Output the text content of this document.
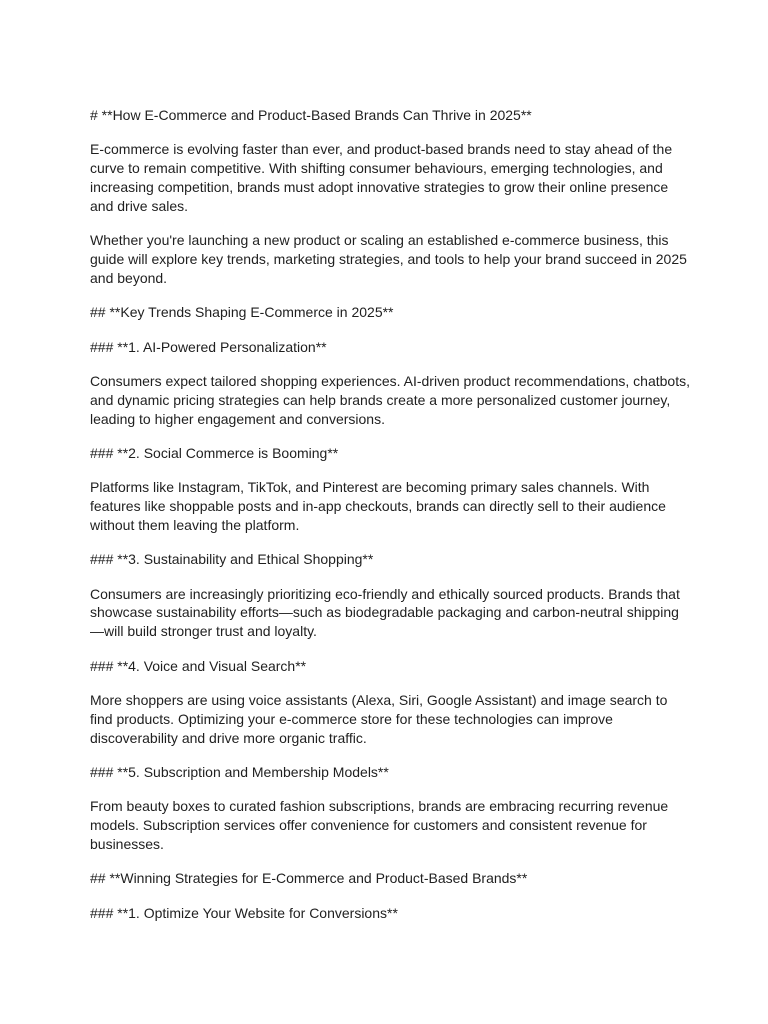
# **How E-Commerce and Product-Based Brands Can Thrive in 2025**

E-commerce is evolving faster than ever, and product-based brands need to stay ahead of the curve to remain competitive. With shifting consumer behaviours, emerging technologies, and increasing competition, brands must adopt innovative strategies to grow their online presence and drive sales.

Whether you're launching a new product or scaling an established e-commerce business, this guide will explore key trends, marketing strategies, and tools to help your brand succeed in 2025 and beyond.

## **Key Trends Shaping E-Commerce in 2025**

### **1. AI-Powered Personalization**

Consumers expect tailored shopping experiences. AI-driven product recommendations, chatbots, and dynamic pricing strategies can help brands create a more personalized customer journey, leading to higher engagement and conversions.

### **2. Social Commerce is Booming**

Platforms like Instagram, TikTok, and Pinterest are becoming primary sales channels. With features like shoppable posts and in-app checkouts, brands can directly sell to their audience without them leaving the platform.

### **3. Sustainability and Ethical Shopping**

Consumers are increasingly prioritizing eco-friendly and ethically sourced products. Brands that showcase sustainability efforts—such as biodegradable packaging and carbon-neutral shipping—will build stronger trust and loyalty.

### **4. Voice and Visual Search**

More shoppers are using voice assistants (Alexa, Siri, Google Assistant) and image search to find products. Optimizing your e-commerce store for these technologies can improve discoverability and drive more organic traffic.

### **5. Subscription and Membership Models**

From beauty boxes to curated fashion subscriptions, brands are embracing recurring revenue models. Subscription services offer convenience for customers and consistent revenue for businesses.

## **Winning Strategies for E-Commerce and Product-Based Brands**

### **1. Optimize Your Website for Conversions**
